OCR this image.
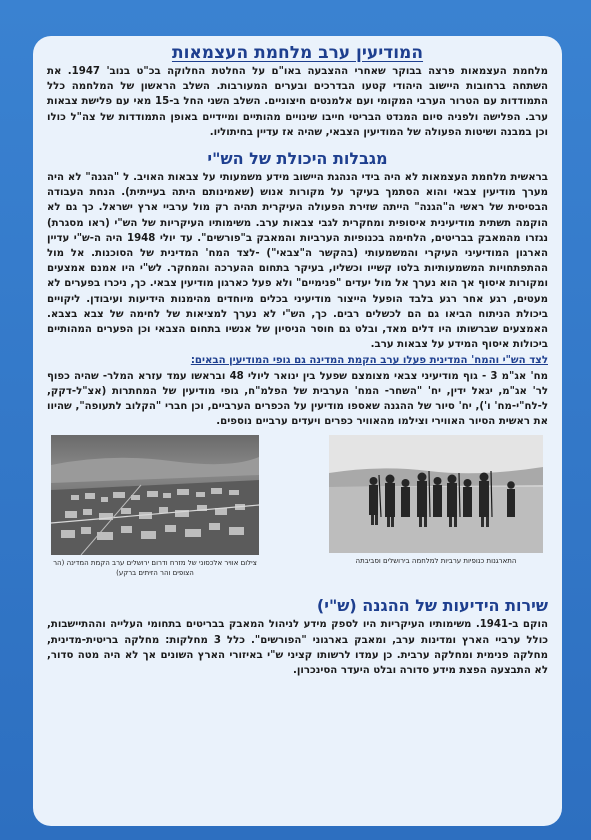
המודיעין ערב מלחמת העצמאות

מלחמת העצמאות פרצה בבוקר שאחרי ההצבעה באו"ם על החלטת החלוקה בכ"ט בנוב' 1947. את השתחה ברחובות היישוב היהודי קטעו הבדרכים ובערים המעורבות. השלב הראשון של המלחמה כלל התמודדות עם הטרור הערבי המקומי ועם אלמנטים חיצוניים. השלב השני החל ב-15 מאי עם פלישת צבאות ערב. הפלישה ולפניה סיום המנדט הבריטי חייבו שינויים מהותיים ומיידיים באופן התמודדות של צה"ל כולו וכן במבנה ושיטות הפעולה של המודיעין הצבאי, שהיה אז עדיין בחיתוליו.

מגבלות היכולת של הש"י

בראשית מלחמת העצמאות לא היה בידי הנהגת היישוב מידע משמעותי על צבאות האויב. ל "הגנה" לא היה מערך מודיעין צבאי והוא הסתמך בעיקר על מקורות אנוש (שאמינותם היתה בעייתית). הנחת העבודה הבסיסית של ראשי ה"הגנה" הייתה שזירת הפעולה העיקרית תהיה רק מול ערביי ארץ ישראל. כך גם לא הוקמה תשתית מודיעינית איסופית ומחקרית לגבי צבאות ערב. משימותיו העיקריות של הש"י (ראו מסגרת) נגזרו מהמאבק בבריטים, הלחימה בכנופיות הערביות והמאבק ב"פורשים". עד יולי 1948 היה ה-ש"י עדיין הארגון המודיעיני העיקרי והמשמעותי (בהקשר ה"צבאי") -לצד המח' המדינית של הסוכנות. אל מול ההתפתחויות המשמעותיות בלטו קשייו וכשליו, בעיקר בתחום ההערכה והמחקר. לש"י היו אמנם אמצעים ומקורות איסוף אך הוא נערך אל מול יעדים "פנימיים" ולא פעל כארגון מודיעין צבאי. כך, ניכרו בפערים לא מעטים, רגע אחר רגע בלבד הופעל הייצור מודיעיני בכלים מיוחדים מהימנות הידיעות ועיבודן. ליקויים ביכולת הניתוח הביאו גם הם לכשלים רבים. כך, הש"י לא נערך למציאות של לחימה של צבא בצבא. האמצעים שברשותו היו דלים מאד, ובלט גם חוסר הניסיון של אנשיו בתחום הצבאי וכן הפערים המהותיים ביכולות איסוף המידע על צבאות ערב.

לצד הש"י והמח' המדינית פעלו ערב הקמת המדינה גם גופי המודיעין הבאים:

מח' אג"מ 3 - גוף מודיעיני צבאי מצומצם שפעל בין ינואר ליולי 48 ובראשו עמד עזרא המלר- שהיה כפוף לר' אג"מ, יגאל ידין, יח' "השחר- המח' הערבית של הפלמ"ח, גופי מודיעין של המחתרות (אצ"ל-דקק, ל-לח"י-מח' ו'), יח' סיור של ההגנה שאספו מודיעין על הכפרים הערביים, וכן חברי "הקלוב לתעופה", שהיוו את ראשית הסיור האווירי וצילמו מהאוויר כפרים ויעדים ערביים נוספים.

צילום אוויר אלכסוני של מזרח ודרום ירושלים ערב הקמת המדינה (הר הצופים והר הזיתים ברקע)
התארגנות כנופיות ערביות למלחמה בירושלים וסביבתה
שירות הידיעות של ההגנה (ש"י)

הוקם ב-1941. משימותיו העיקריות היו לספק מידע לניהול המאבק בבריטים בתחומי העלייה וההתיישבות, כולל ערביי הארץ ומדינות ערב, ומאבק בארגוני "הפורשים". כלל 3 מחלקות: מחלקה בריטית-מדינית, מחלקה פנימית ומחלקה ערבית. כן עמדו לרשותו קציני ש"י באיזורי הארץ השונים אך לא היה מטה סדור, לא התבצעה הפצת מידע סדורה ובלט היעדר הסינכרון.
